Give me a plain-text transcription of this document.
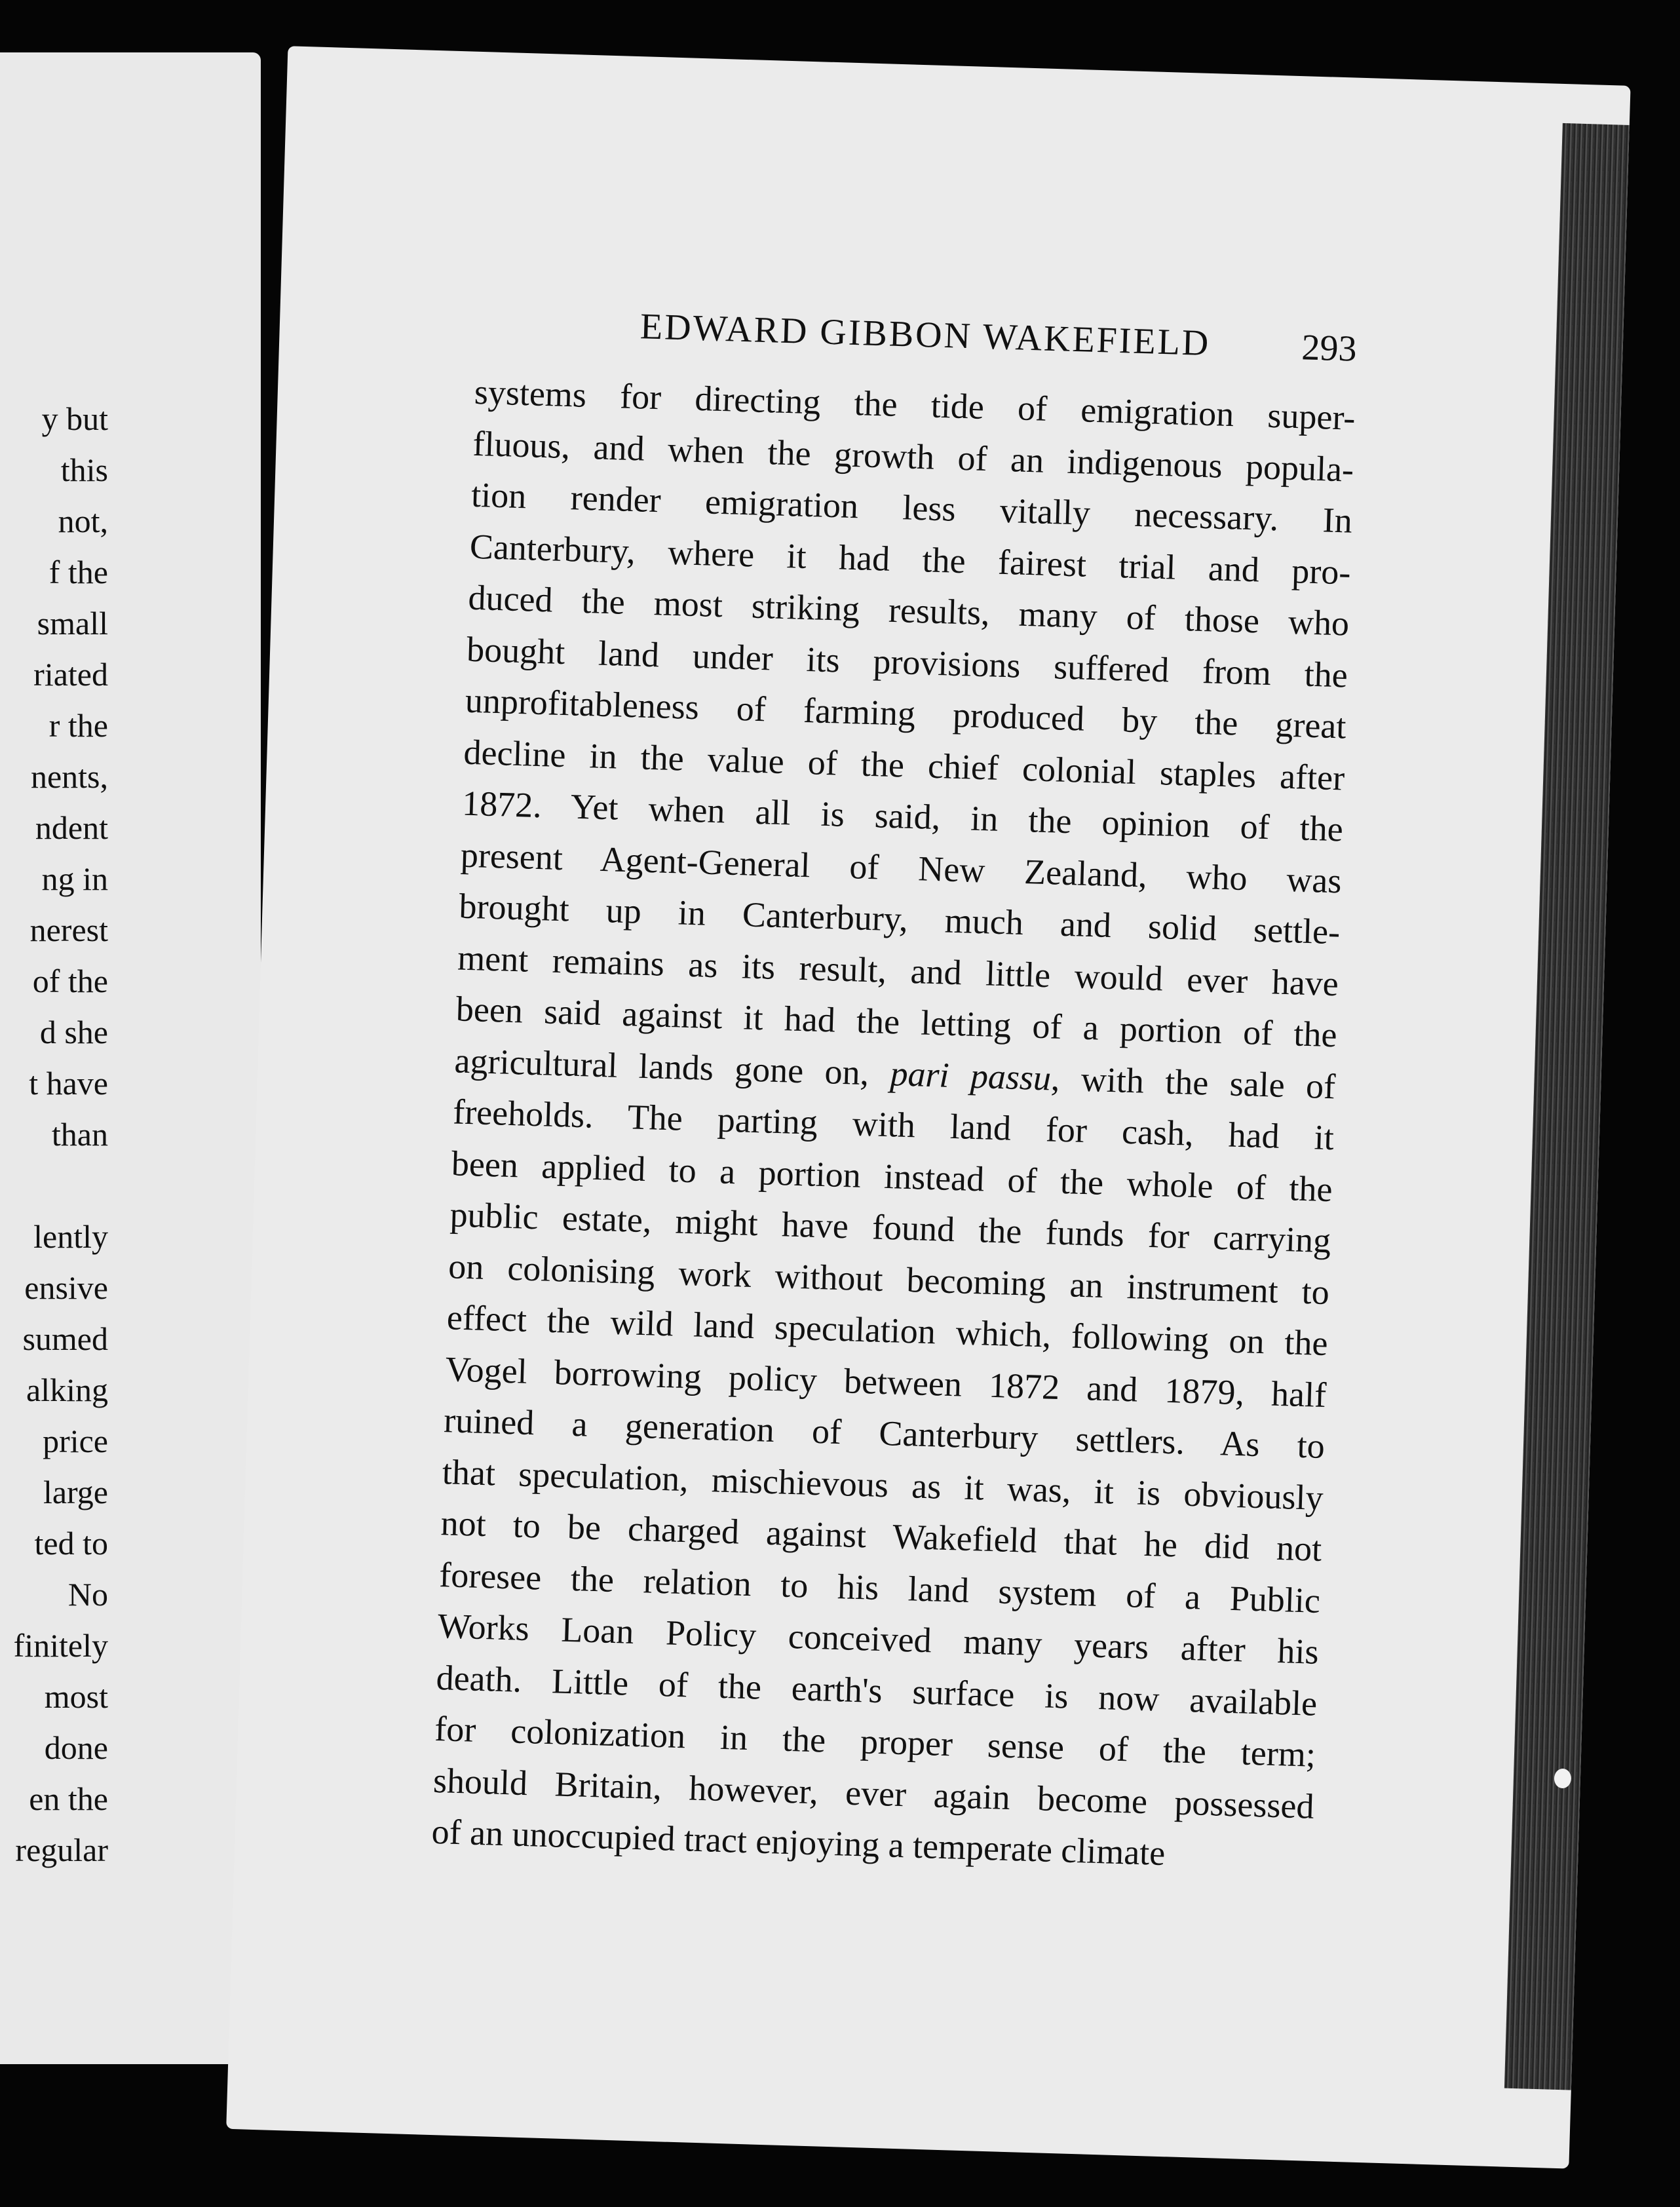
y but
this
not,
f the
small
riated
r the
nents,
ndent
ng in
nerest
of the
d she
t have
than
lently
ensive
sumed
alking
price
large
ted to
No
finitely
most
done
en the
regular
EDWARD GIBBON WAKEFIELD 293
systems for directing the tide of emigration super-
fluous, and when the growth of an indigenous popula-
tion render emigration less vitally necessary. In
Canterbury, where it had the fairest trial and pro-
duced the most striking results, many of those who
bought land under its provisions suffered from the
unprofitableness of farming produced by the great
decline in the value of the chief colonial staples after
1872. Yet when all is said, in the opinion of the
present Agent-General of New Zealand, who was
brought up in Canterbury, much and solid settle-
ment remains as its result, and little would ever have
been said against it had the letting of a portion of the
agricultural lands gone on, pari passu, with the sale of
freeholds. The parting with land for cash, had it
been applied to a portion instead of the whole of the
public estate, might have found the funds for carrying
on colonising work without becoming an instrument to
effect the wild land speculation which, following on the
Vogel borrowing policy between 1872 and 1879, half
ruined a generation of Canterbury settlers. As to
that speculation, mischievous as it was, it is obviously
not to be charged against Wakefield that he did not
foresee the relation to his land system of a Public
Works Loan Policy conceived many years after his
death. Little of the earth's surface is now available
for colonization in the proper sense of the term;
should Britain, however, ever again become possessed
of an unoccupied tract enjoying a temperate climate
